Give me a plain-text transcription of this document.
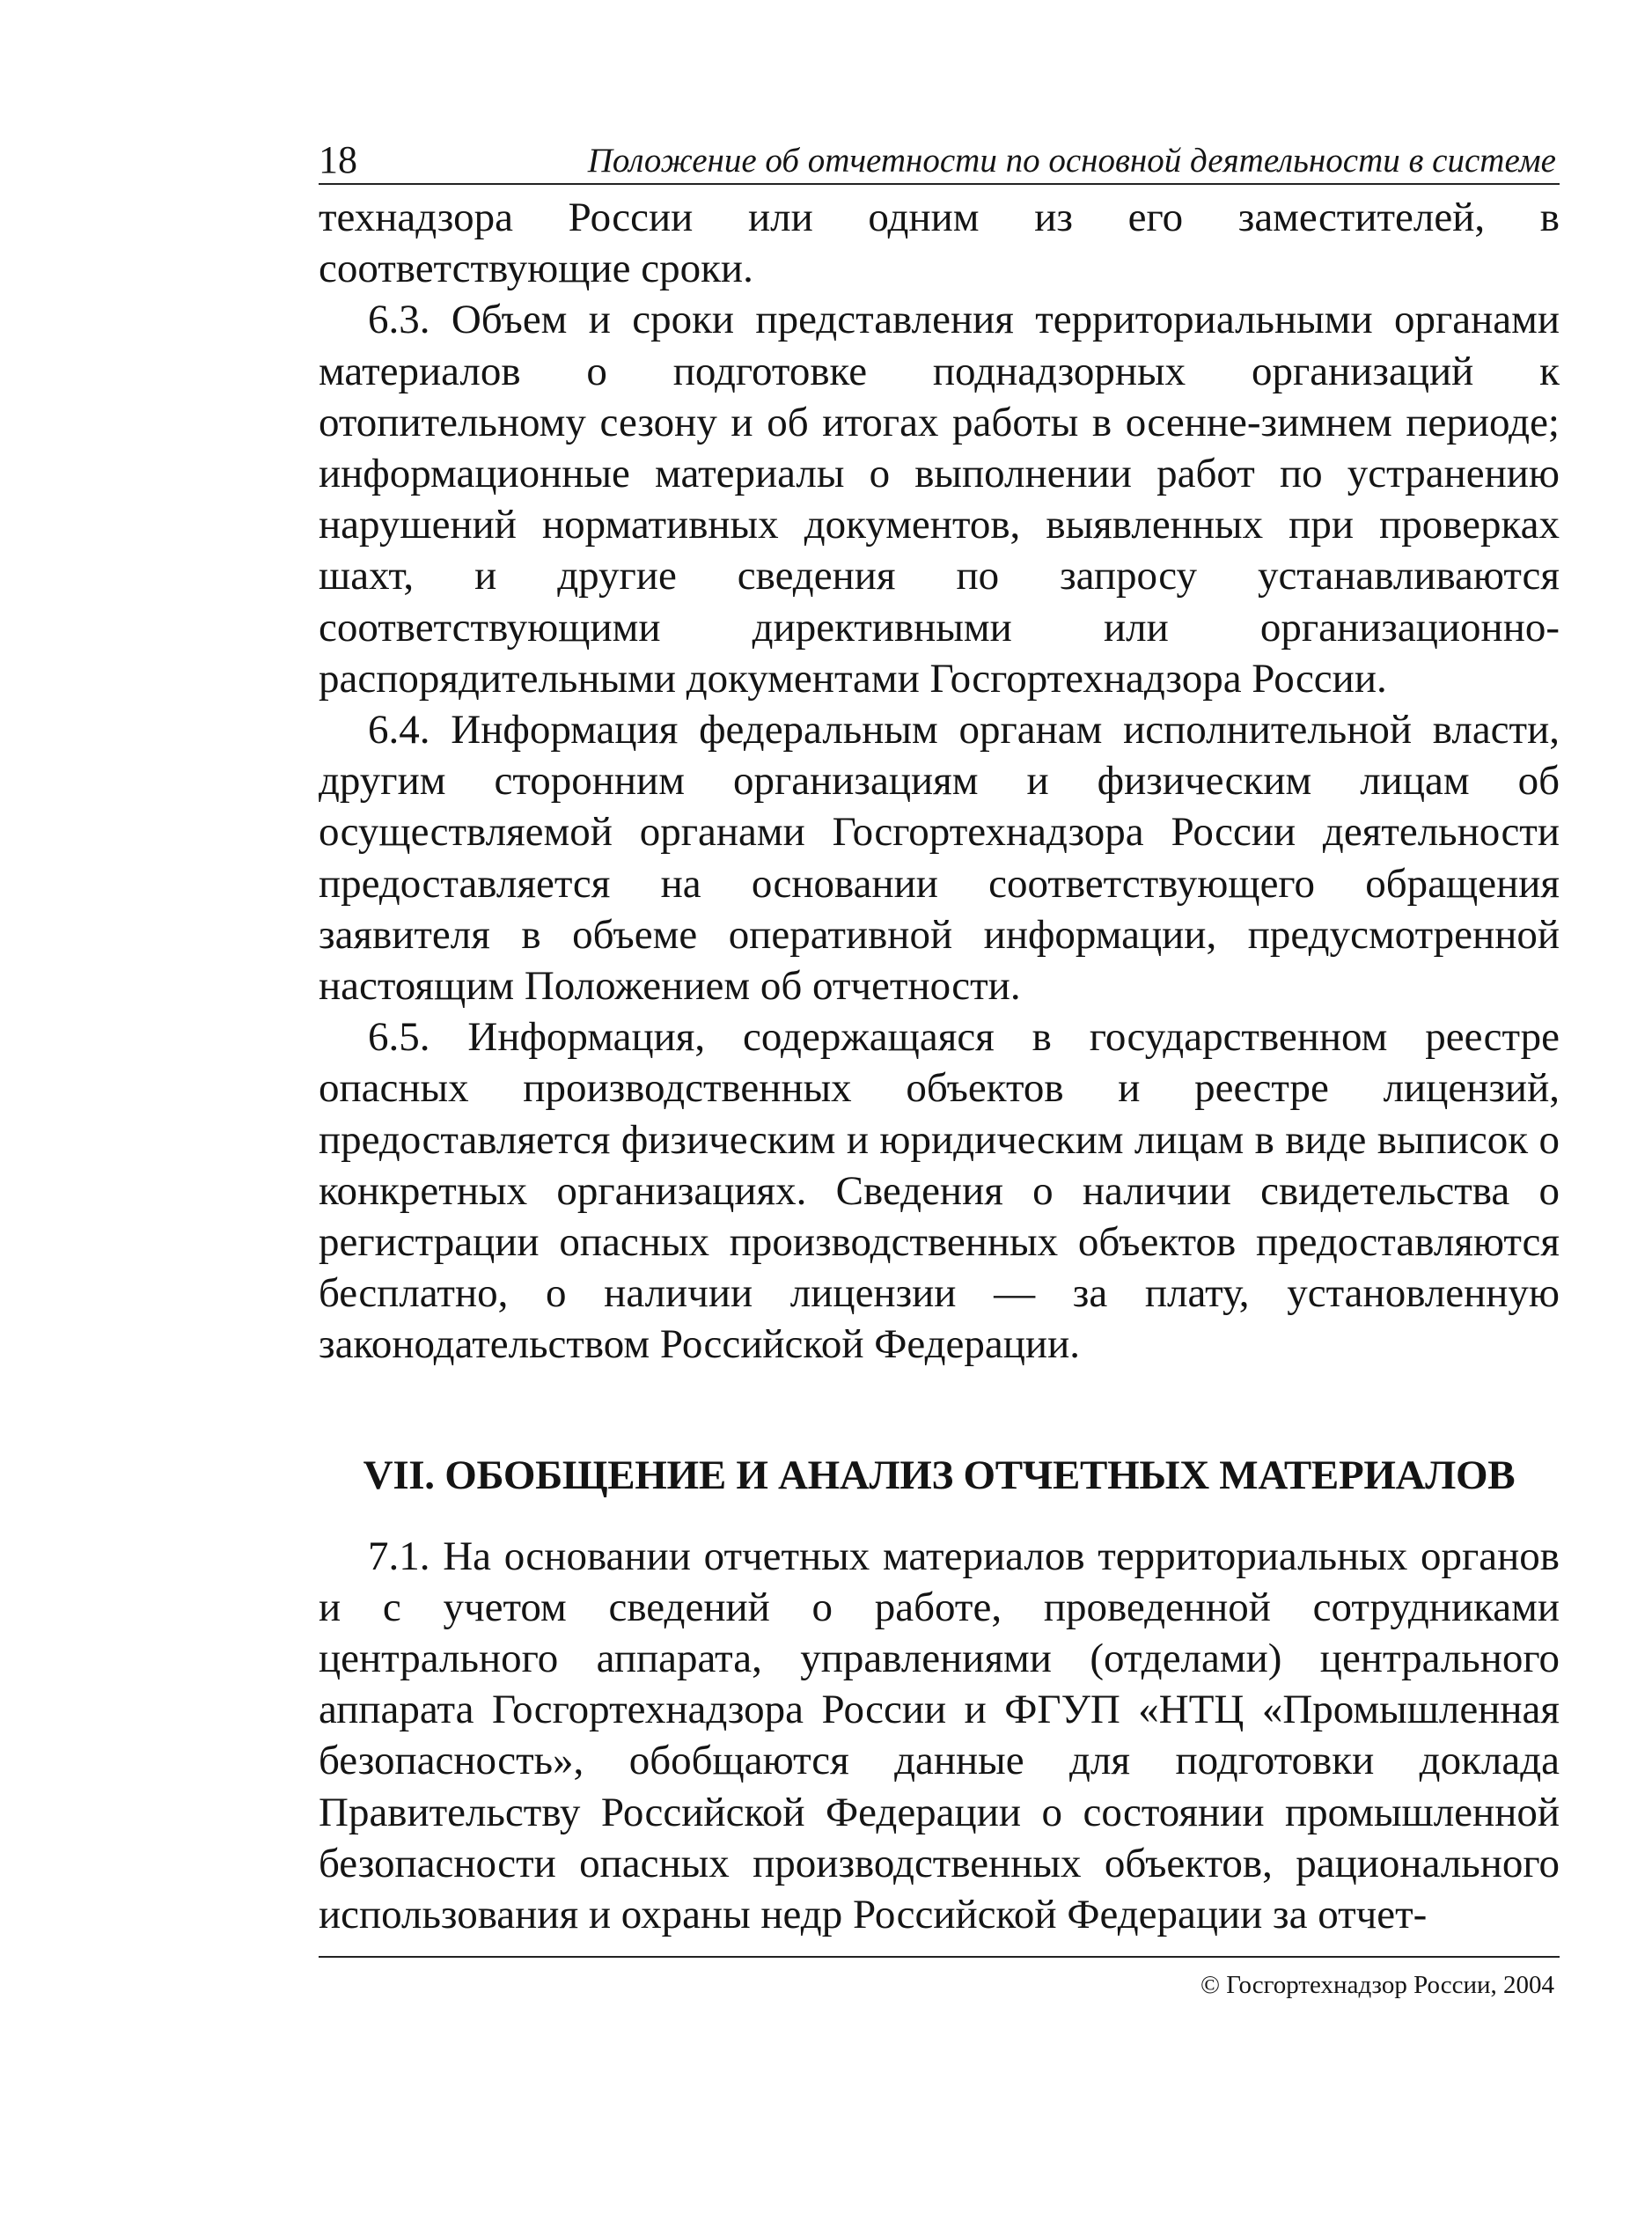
18	Положение об отчетности по основной деятельности в системе

технадзора России или одним из его заместителей, в соответствующие сроки.

6.3. Объем и сроки представления территориальными органами материалов о подготовке поднадзорных организаций к отопительному сезону и об итогах работы в осенне-зимнем периоде; информационные материалы о выполнении работ по устранению нарушений нормативных документов, выявленных при проверках шахт, и другие сведения по запросу устанавливаются соответствующими директивными или организационно-распорядительными документами Госгортехнадзора России.

6.4. Информация федеральным органам исполнительной власти, другим сторонним организациям и физическим лицам об осуществляемой органами Госгортехнадзора России деятельности предоставляется на основании соответствующего обращения заявителя в объеме оперативной информации, предусмотренной настоящим Положением об отчетности.

6.5. Информация, содержащаяся в государственном реестре опасных производственных объектов и реестре лицензий, предоставляется физическим и юридическим лицам в виде выписок о конкретных организациях. Сведения о наличии свидетельства о регистрации опасных производственных объектов предоставляются бесплатно, о наличии лицензии — за плату, установленную законодательством Российской Федерации.

VII. ОБОБЩЕНИЕ И АНАЛИЗ ОТЧЕТНЫХ МАТЕРИАЛОВ

7.1. На основании отчетных материалов территориальных органов и с учетом сведений о работе, проведенной сотрудниками центрального аппарата, управлениями (отделами) центрального аппарата Госгортехнадзора России и ФГУП «НТЦ «Промышленная безопасность», обобщаются данные для подготовки доклада Правительству Российской Федерации о состоянии промышленной безопасности опасных производственных объектов, рационального использования и охраны недр Российской Федерации за отчет-

© Госгортехнадзор России, 2004
